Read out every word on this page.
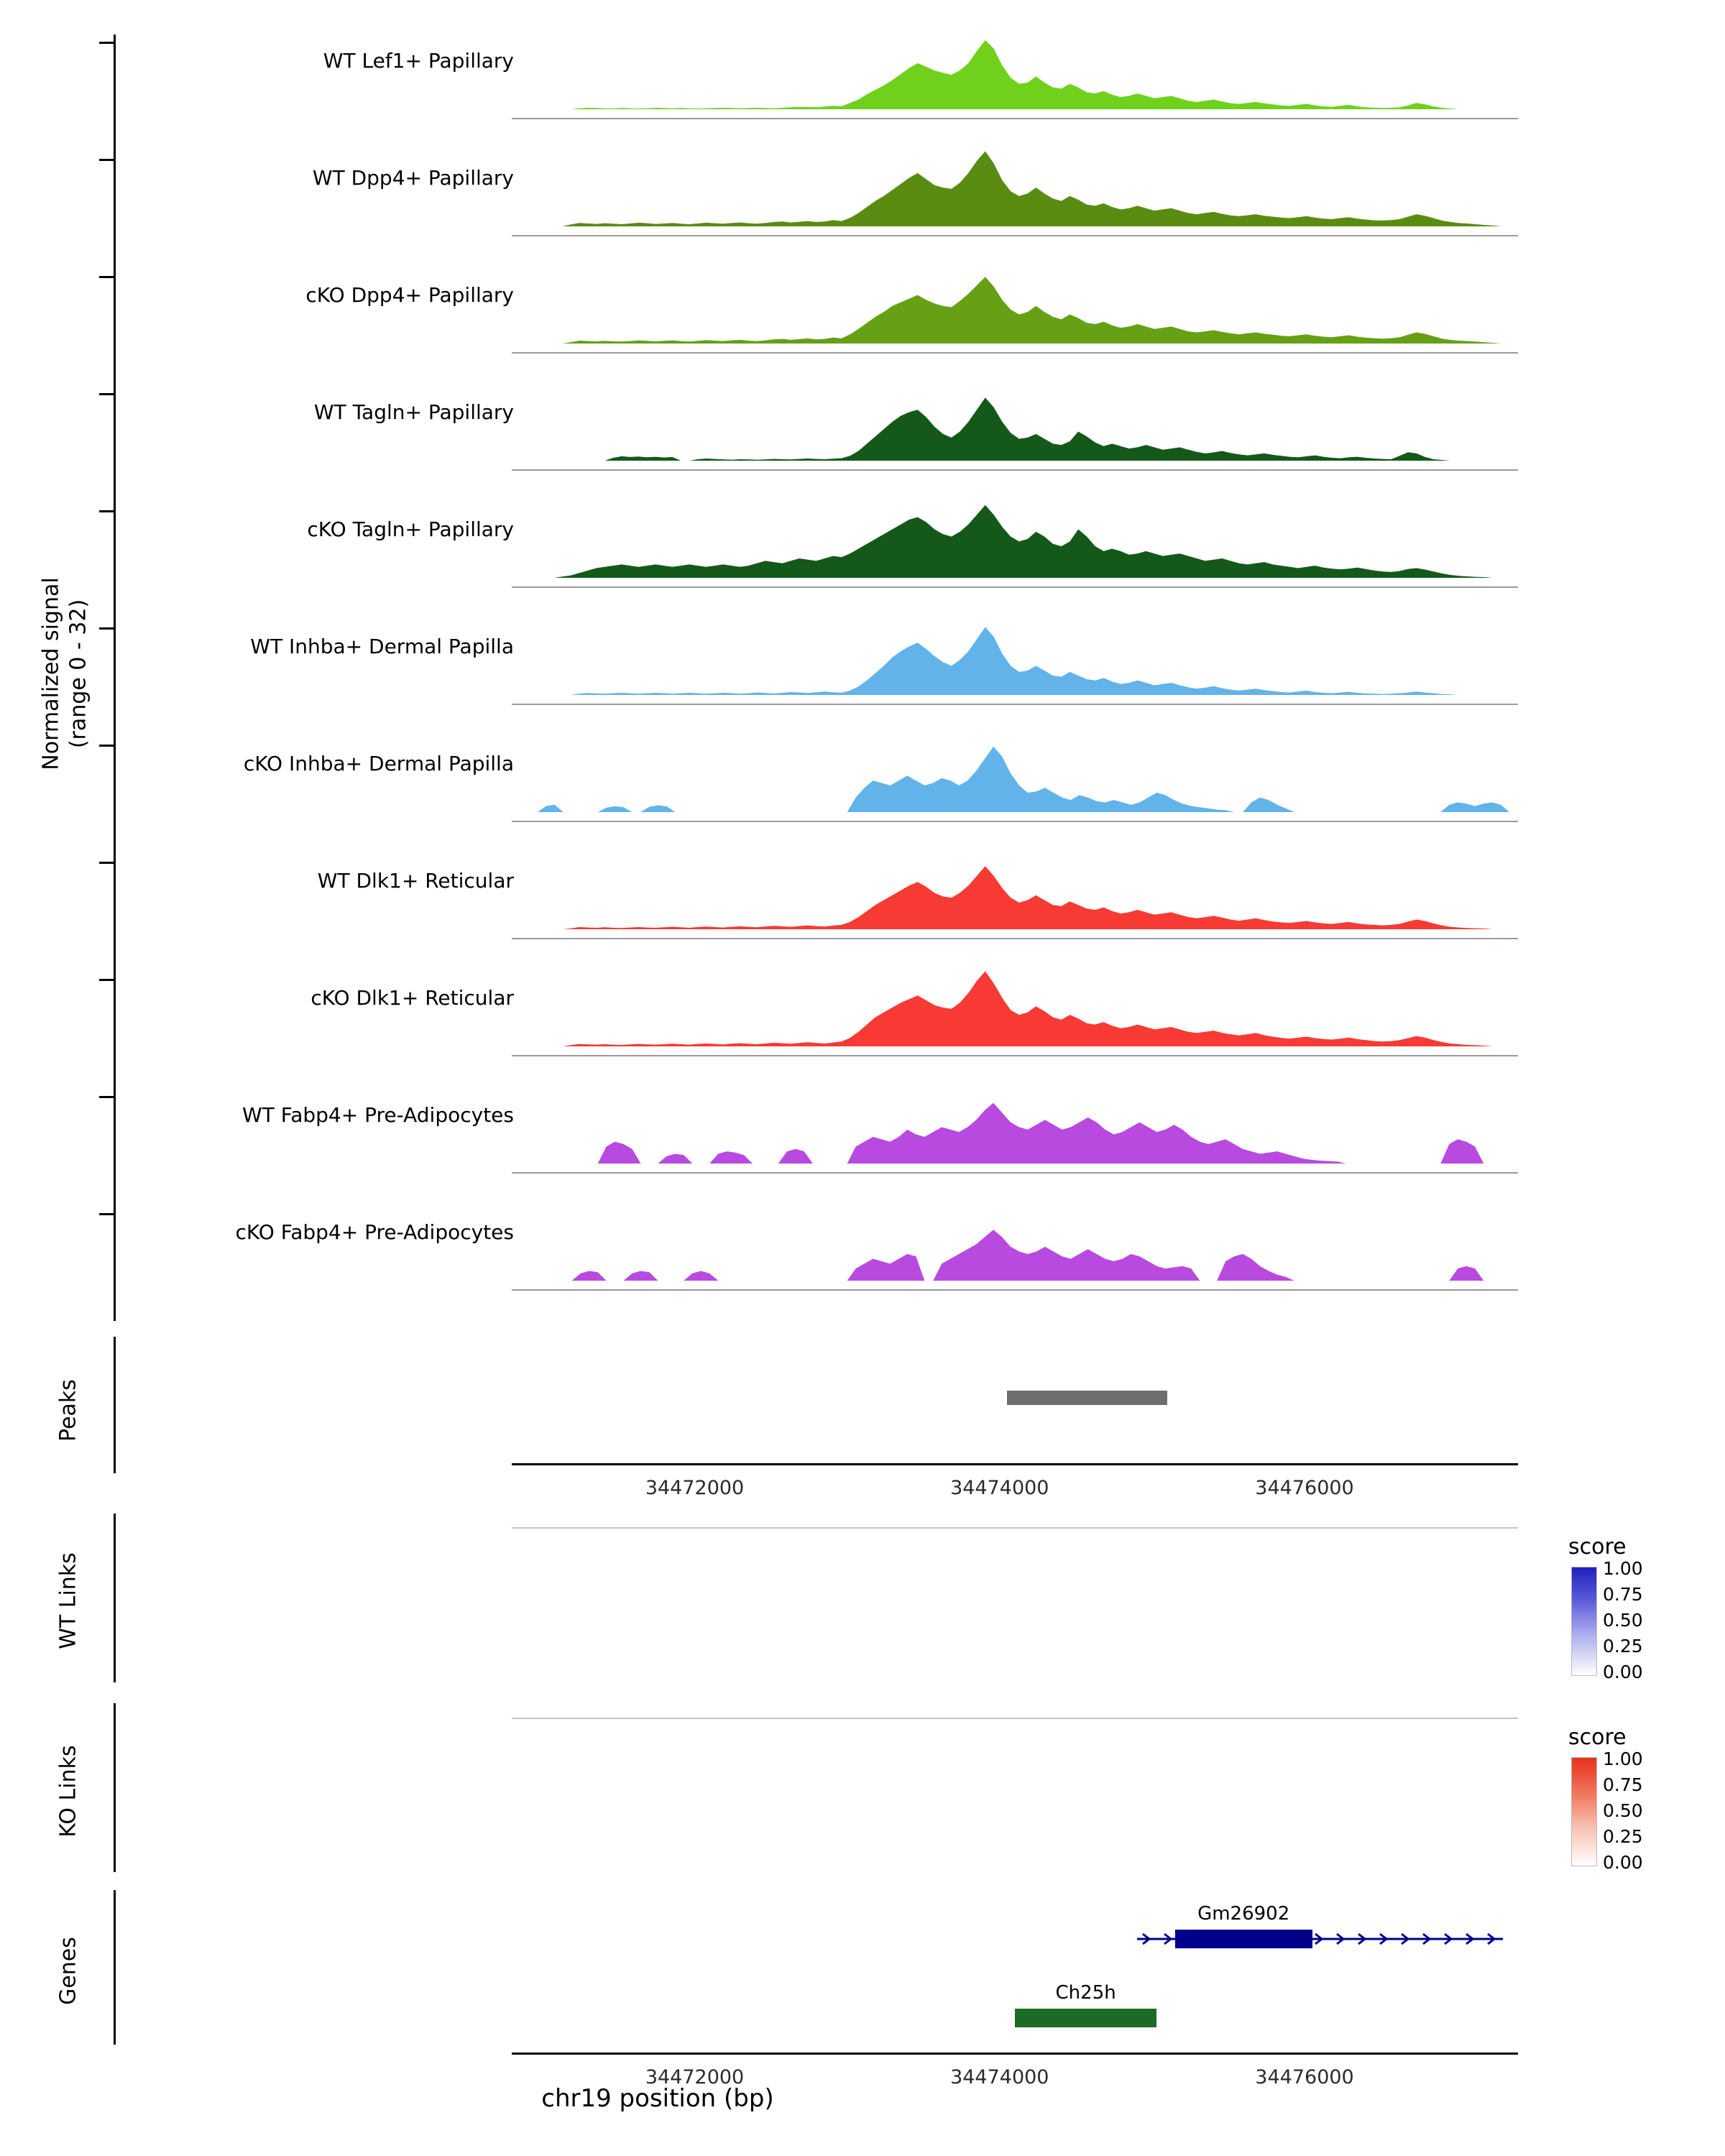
Normalized signal
(range 0 - 32)
WT Lef1+ Papillary
WT Dpp4+ Papillary
cKO Dpp4+ Papillary
WT Tagln+ Papillary
cKO Tagln+ Papillary
WT Inhba+ Dermal Papilla
cKO Inhba+ Dermal Papilla
WT Dlk1+ Reticular
cKO Dlk1+ Reticular
WT Fabp4+ Pre-Adipocytes
cKO Fabp4+ Pre-Adipocytes
Peaks
34472000	34474000	34476000
WT Links
score
1.00
0.75
0.50
0.25
0.00
KO Links
score
1.00
0.75
0.50
0.25
0.00
Genes
Gm26902
Ch25h
34472000	34474000	34476000
chr19 position (bp)
